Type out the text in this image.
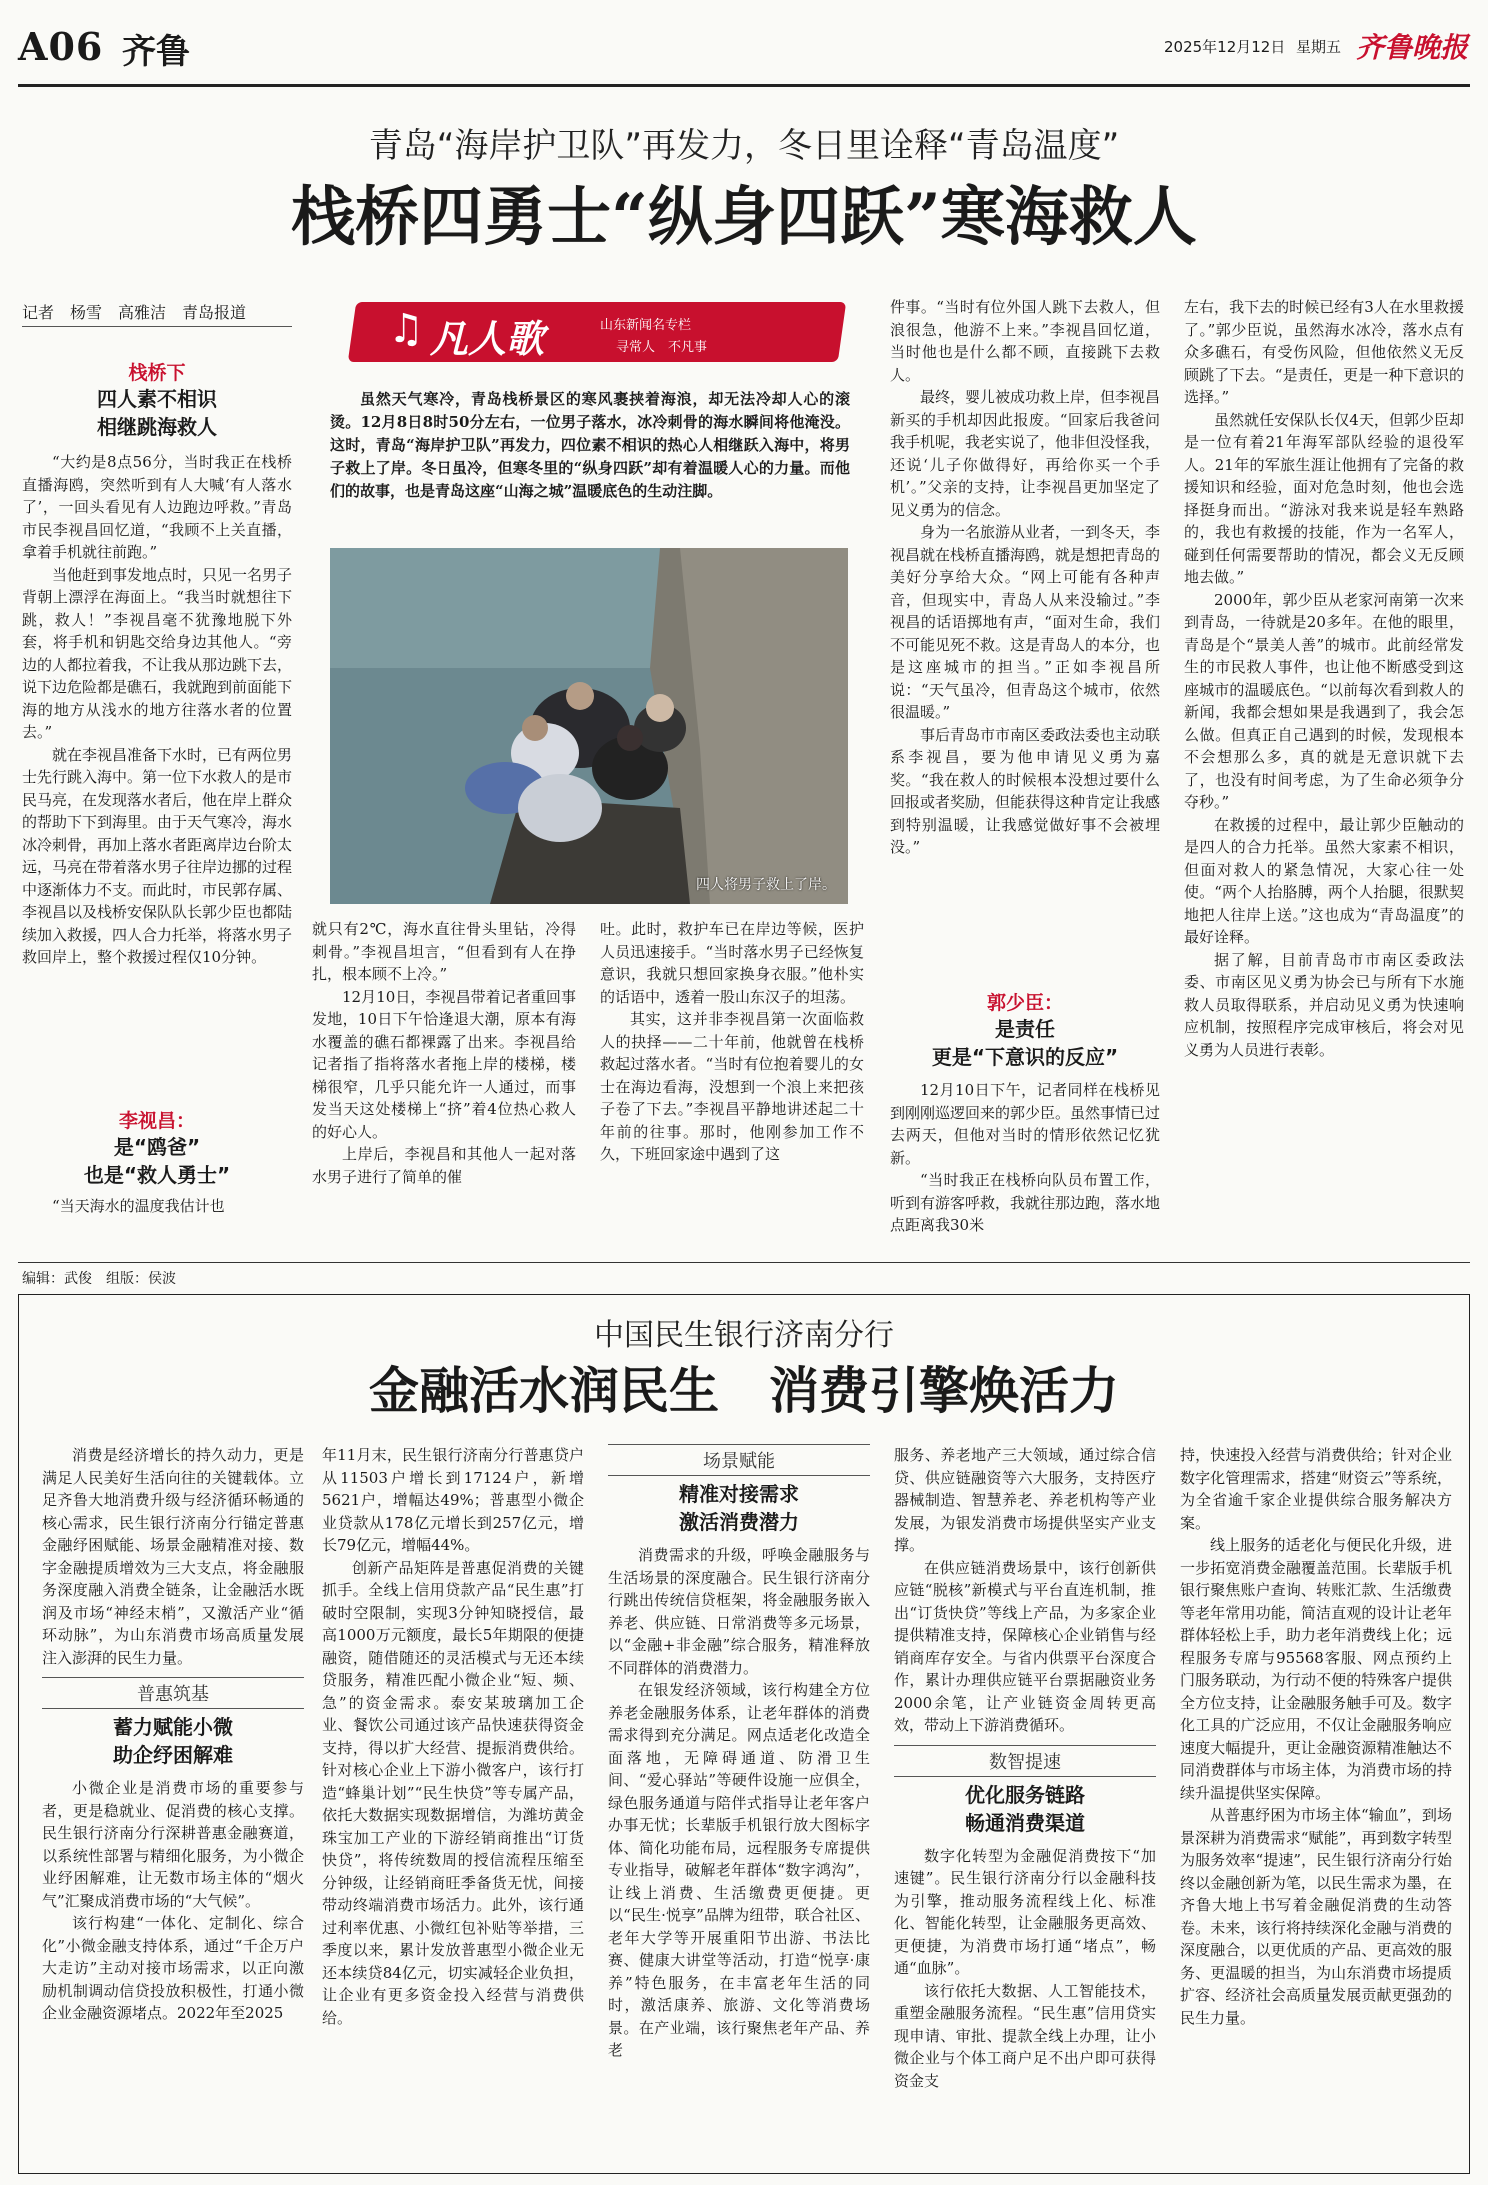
A06 齐鲁	2025年12月12日 星期五 齐鲁晚报
青岛“海岸护卫队”再发力，冬日里诠释“青岛温度”
栈桥四勇士“纵身四跃”寒海救人
记者　杨雪　高雅洁　青岛报道	♫ 凡人歌	山东新闻名专栏
寻常人　不凡事

虽然天气寒冷，青岛栈桥景区的寒风裹挟着海浪，却无法冷却人心的滚烫。12月8日8时50分左右，一位男子落水，冰冷刺骨的海水瞬间将他淹没。这时，青岛“海岸护卫队”再发力，四位素不相识的热心人相继跃入海中，将男子救上了岸。冬日虽冷，但寒冬里的“纵身四跃”却有着温暖人心的力量。而他们的故事，也是青岛这座“山海之城”温暖底色的生动注脚。

四人将男子救上了岸。
栈桥下
四人素不相识
相继跳海救人

“大约是8点56分，当时我正在栈桥直播海鸥，突然听到有人大喊‘有人落水了’，一回头看见有人边跑边呼救。”青岛市民李视昌回忆道，“我顾不上关直播，拿着手机就往前跑。”

当他赶到事发地点时，只见一名男子背朝上漂浮在海面上。“我当时就想往下跳，救人！”李视昌毫不犹豫地脱下外套，将手机和钥匙交给身边其他人。“旁边的人都拉着我，不让我从那边跳下去，说下边危险都是礁石，我就跑到前面能下海的地方从浅水的地方往落水者的位置去。”

就在李视昌准备下水时，已有两位男士先行跳入海中。第一位下水救人的是市民马亮，在发现落水者后，他在岸上群众的帮助下下到海里。由于天气寒冷，海水冰冷刺骨，再加上落水者距离岸边台阶太远，马亮在带着落水男子往岸边挪的过程中逐渐体力不支。而此时，市民郭存属、李视昌以及栈桥安保队队长郭少臣也都陆续加入救援，四人合力托举，将落水男子救回岸上，整个救援过程仅10分钟。

李视昌：
是“鸥爸”
也是“救人勇士”

“当天海水的温度我估计也

就只有2℃，海水直往骨头里钻，冷得刺骨。”李视昌坦言，“但看到有人在挣扎，根本顾不上冷。”

12月10日，李视昌带着记者重回事发地，10日下午恰逢退大潮，原本有海水覆盖的礁石都裸露了出来。李视昌给记者指了指将落水者拖上岸的楼梯，楼梯很窄，几乎只能允许一人通过，而事发当天这处楼梯上“挤”着4位热心救人的好心人。

上岸后，李视昌和其他人一起对落水男子进行了简单的催

吐。此时，救护车已在岸边等候，医护人员迅速接手。“当时落水男子已经恢复意识，我就只想回家换身衣服。”他朴实的话语中，透着一股山东汉子的坦荡。

其实，这并非李视昌第一次面临救人的抉择——二十年前，他就曾在栈桥救起过落水者。“当时有位抱着婴儿的女士在海边看海，没想到一个浪上来把孩子卷了下去。”李视昌平静地讲述起二十年前的往事。那时，他刚参加工作不久，下班回家途中遇到了这

件事。“当时有位外国人跳下去救人，但浪很急，他游不上来。”李视昌回忆道，当时他也是什么都不顾，直接跳下去救人。

最终，婴儿被成功救上岸，但李视昌新买的手机却因此报废。“回家后我爸问我手机呢，我老实说了，他非但没怪我，还说‘儿子你做得好，再给你买一个手机’。”父亲的支持，让李视昌更加坚定了见义勇为的信念。

身为一名旅游从业者，一到冬天，李视昌就在栈桥直播海鸥，就是想把青岛的美好分享给大众。“网上可能有各种声音，但现实中，青岛人从来没输过。”李视昌的话语掷地有声，“面对生命，我们不可能见死不救。这是青岛人的本分，也是这座城市的担当。”正如李视昌所说：“天气虽冷，但青岛这个城市，依然很温暖。”

事后青岛市市南区委政法委也主动联系李视昌，要为他申请见义勇为嘉奖。“我在救人的时候根本没想过要什么回报或者奖励，但能获得这种肯定让我感到特别温暖，让我感觉做好事不会被埋没。”

郭少臣：
是责任
更是“下意识的反应”

12月10日下午，记者同样在栈桥见到刚刚巡逻回来的郭少臣。虽然事情已过去两天，但他对当时的情形依然记忆犹新。

“当时我正在栈桥向队员布置工作，听到有游客呼救，我就往那边跑，落水地点距离我30米

左右，我下去的时候已经有3人在水里救援了。”郭少臣说，虽然海水冰冷，落水点有众多礁石，有受伤风险，但他依然义无反顾跳了下去。“是责任，更是一种下意识的选择。”

虽然就任安保队长仅4天，但郭少臣却是一位有着21年海军部队经验的退役军人。21年的军旅生涯让他拥有了完备的救援知识和经验，面对危急时刻，他也会选择挺身而出。“游泳对我来说是轻车熟路的，我也有救援的技能，作为一名军人，碰到任何需要帮助的情况，都会义无反顾地去做。”

2000年，郭少臣从老家河南第一次来到青岛，一待就是20多年。在他的眼里，青岛是个“景美人善”的城市。此前经常发生的市民救人事件，也让他不断感受到这座城市的温暖底色。“以前每次看到救人的新闻，我都会想如果是我遇到了，我会怎么做。但真正自己遇到的时候，发现根本不会想那么多，真的就是无意识就下去了，也没有时间考虑，为了生命必须争分夺秒。”

在救援的过程中，最让郭少臣触动的是四人的合力托举。虽然大家素不相识，但面对救人的紧急情况，大家心往一处使。“两个人抬胳膊，两个人抬腿，很默契地把人往岸上送。”这也成为“青岛温度”的最好诠释。

据了解，目前青岛市市南区委政法委、市南区见义勇为协会已与所有下水施救人员取得联系，并启动见义勇为快速响应机制，按照程序完成审核后，将会对见义勇为人员进行表彰。

编辑：武俊　组版：侯波
中国民生银行济南分行
金融活水润民生　消费引擎焕活力

消费是经济增长的持久动力，更是满足人民美好生活向往的关键载体。立足齐鲁大地消费升级与经济循环畅通的核心需求，民生银行济南分行锚定普惠金融纾困赋能、场景金融精准对接、数字金融提质增效为三大支点，将金融服务深度融入消费全链条，让金融活水既润及市场“神经末梢”，又激活产业“循环动脉”，为山东消费市场高质量发展注入澎湃的民生力量。

普惠筑基
蓄力赋能小微
助企纾困解难

小微企业是消费市场的重要参与者，更是稳就业、促消费的核心支撑。民生银行济南分行深耕普惠金融赛道，以系统性部署与精细化服务，为小微企业纾困解难，让无数市场主体的“烟火气”汇聚成消费市场的“大气候”。

该行构建“一体化、定制化、综合化”小微金融支持体系，通过“千企万户大走访”主动对接市场需求，以正向激励机制调动信贷投放积极性，打通小微企业金融资源堵点。2022年至2025

年11月末，民生银行济南分行普惠贷户从11503户增长到17124户，新增5621户，增幅达49%；普惠型小微企业贷款从178亿元增长到257亿元，增长79亿元，增幅44%。

创新产品矩阵是普惠促消费的关键抓手。全线上信用贷款产品“民生惠”打破时空限制，实现3分钟知晓授信，最高1000万元额度，最长5年期限的便捷融资，随借随还的灵活模式与无还本续贷服务，精准匹配小微企业“短、频、急”的资金需求。泰安某玻璃加工企业、餐饮公司通过该产品快速获得资金支持，得以扩大经营、提振消费供给。针对核心企业上下游小微客户，该行打造“蜂巢计划”“民生快贷”等专属产品，依托大数据实现数据增信，为潍坊黄金珠宝加工产业的下游经销商推出“订货快贷”，将传统数周的授信流程压缩至分钟级，让经销商旺季备货无忧，间接带动终端消费市场活力。此外，该行通过利率优惠、小微红包补贴等举措，三季度以来，累计发放普惠型小微企业无还本续贷84亿元，切实减轻企业负担，让企业有更多资金投入经营与消费供给。

场景赋能
精准对接需求
激活消费潜力

消费需求的升级，呼唤金融服务与生活场景的深度融合。民生银行济南分行跳出传统信贷框架，将金融服务嵌入养老、供应链、日常消费等多元场景，以“金融+非金融”综合服务，精准释放不同群体的消费潜力。

在银发经济领域，该行构建全方位养老金融服务体系，让老年群体的消费需求得到充分满足。网点适老化改造全面落地，无障碍通道、防滑卫生间、“爱心驿站”等硬件设施一应俱全，绿色服务通道与陪伴式指导让老年客户办事无忧；长辈版手机银行放大图标字体、简化功能布局，远程服务专席提供专业指导，破解老年群体“数字鸿沟”，让线上消费、生活缴费更便捷。更以“民生·悦享”品牌为纽带，联合社区、老年大学等开展重阳节出游、书法比赛、健康大讲堂等活动，打造“悦享·康养”特色服务，在丰富老年生活的同时，激活康养、旅游、文化等消费场景。在产业端，该行聚焦老年产品、养老

服务、养老地产三大领域，通过综合信贷、供应链融资等六大服务，支持医疗器械制造、智慧养老、养老机构等产业发展，为银发消费市场提供坚实产业支撑。

在供应链消费场景中，该行创新供应链“脱核”新模式与平台直连机制，推出“订货快贷”等线上产品，为多家企业提供精准支持，保障核心企业销售与经销商库存安全。与省内供票平台深度合作，累计办理供应链平台票据融资业务2000余笔，让产业链资金周转更高效，带动上下游消费循环。

数智提速
优化服务链路
畅通消费渠道

数字化转型为金融促消费按下“加速键”。民生银行济南分行以金融科技为引擎，推动服务流程线上化、标准化、智能化转型，让金融服务更高效、更便捷，为消费市场打通“堵点”，畅通“血脉”。

该行依托大数据、人工智能技术，重塑金融服务流程。“民生惠”信用贷实现申请、审批、提款全线上办理，让小微企业与个体工商户足不出户即可获得资金支

持，快速投入经营与消费供给；针对企业数字化管理需求，搭建“财资云”等系统，为全省逾千家企业提供综合服务解决方案。

线上服务的适老化与便民化升级，进一步拓宽消费金融覆盖范围。长辈版手机银行聚焦账户查询、转账汇款、生活缴费等老年常用功能，简洁直观的设计让老年群体轻松上手，助力老年消费线上化；远程服务专席与95568客服、网点预约上门服务联动，为行动不便的特殊客户提供全方位支持，让金融服务触手可及。数字化工具的广泛应用，不仅让金融服务响应速度大幅提升，更让金融资源精准触达不同消费群体与市场主体，为消费市场的持续升温提供坚实保障。

从普惠纾困为市场主体“输血”，到场景深耕为消费需求“赋能”，再到数字转型为服务效率“提速”，民生银行济南分行始终以金融创新为笔，以民生需求为墨，在齐鲁大地上书写着金融促消费的生动答卷。未来，该行将持续深化金融与消费的深度融合，以更优质的产品、更高效的服务、更温暖的担当，为山东消费市场提质扩容、经济社会高质量发展贡献更强劲的民生力量。
